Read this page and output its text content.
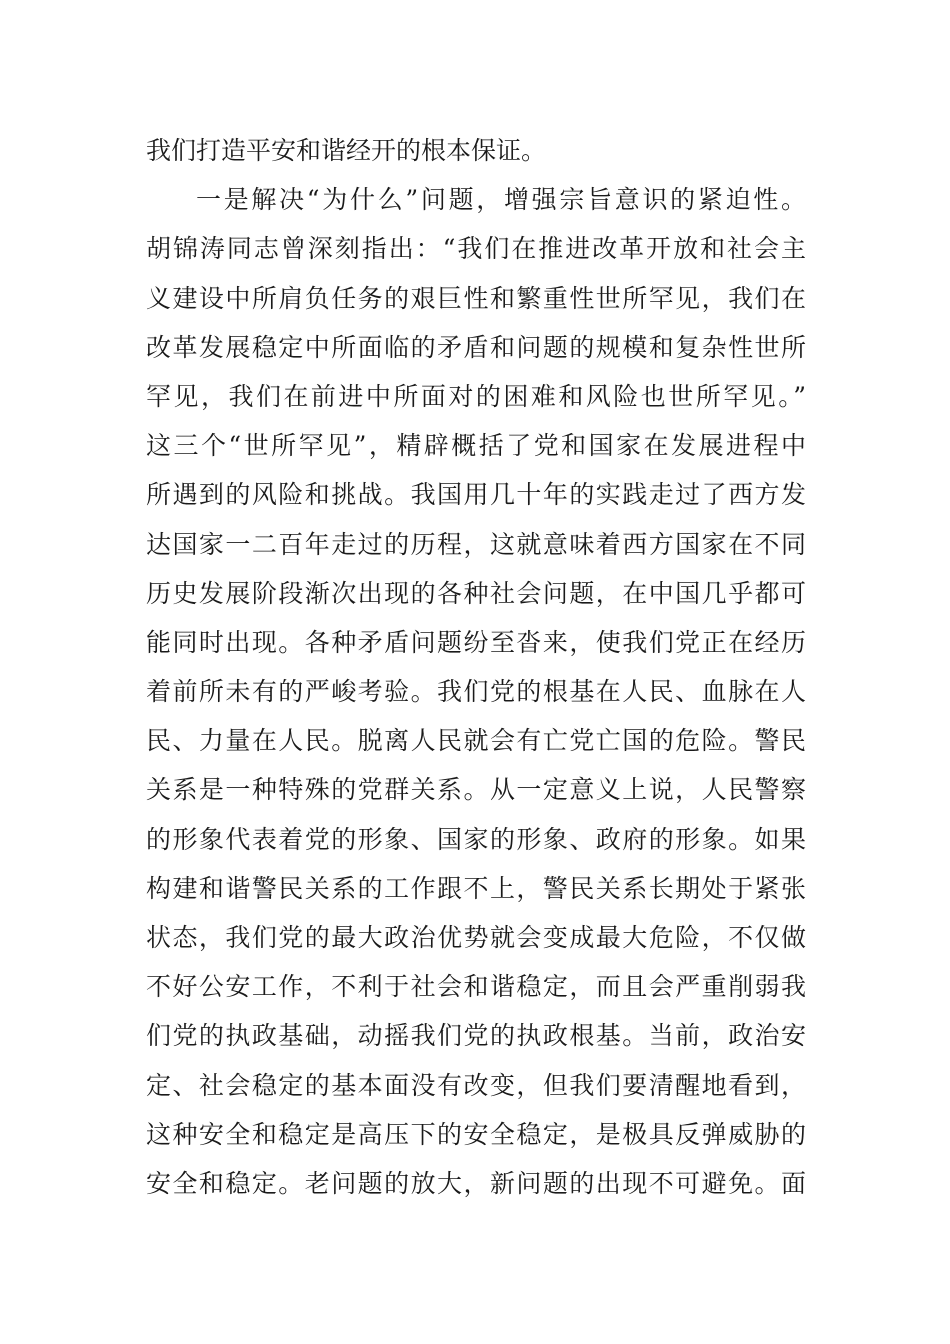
我们打造平安和谐经开的根本保证。
一是解决“为什么”问题，增强宗旨意识的紧迫性。
胡锦涛同志曾深刻指出：“我们在推进改革开放和社会主
义建设中所肩负任务的艰巨性和繁重性世所罕见，我们在
改革发展稳定中所面临的矛盾和问题的规模和复杂性世所
罕见，我们在前进中所面对的困难和风险也世所罕见。”
这三个“世所罕见”，精辟概括了党和国家在发展进程中
所遇到的风险和挑战。我国用几十年的实践走过了西方发
达国家一二百年走过的历程，这就意味着西方国家在不同
历史发展阶段渐次出现的各种社会问题，在中国几乎都可
能同时出现。各种矛盾问题纷至沓来，使我们党正在经历
着前所未有的严峻考验。我们党的根基在人民、血脉在人
民、力量在人民。脱离人民就会有亡党亡国的危险。警民
关系是一种特殊的党群关系。从一定意义上说，人民警察
的形象代表着党的形象、国家的形象、政府的形象。如果
构建和谐警民关系的工作跟不上，警民关系长期处于紧张
状态，我们党的最大政治优势就会变成最大危险，不仅做
不好公安工作，不利于社会和谐稳定，而且会严重削弱我
们党的执政基础，动摇我们党的执政根基。当前，政治安
定、社会稳定的基本面没有改变，但我们要清醒地看到，
这种安全和稳定是高压下的安全稳定，是极具反弹威胁的
安全和稳定。老问题的放大，新问题的出现不可避免。面
